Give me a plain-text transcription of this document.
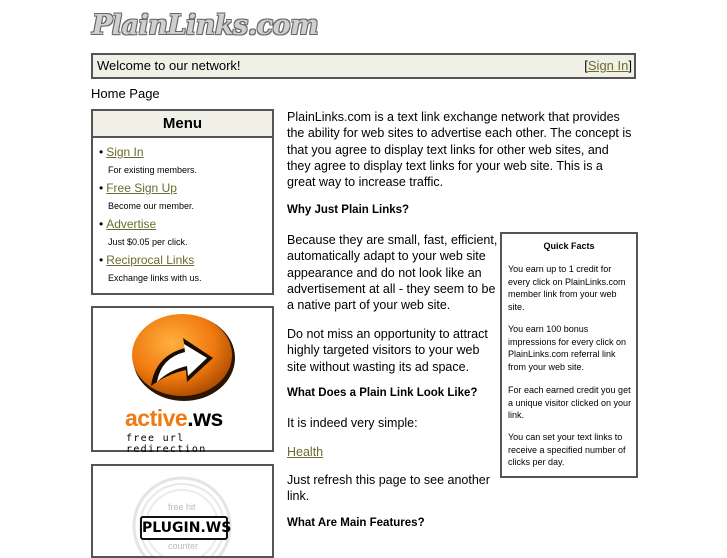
PlainLinks.com
Welcome to our network!	[Sign In]
Home Page
Menu
• Sign In
For existing members.
• Free Sign Up
Become our member.
• Advertise
Just $0.05 per click.
• Reciprocal Links
Exchange links with us.
active.ws
free url redirection
free hit
PLUGIN.WS
counter
PlainLinks.com is a text link exchange network that provides the ability for web sites to advertise each other. The concept is that you agree to display text links for other web sites, and they agree to display text links for your web site. This is a great way to increase traffic.
Why Just Plain Links?
Because they are small, fast, efficient, automatically adapt to your web site appearance and do not look like an advertisement at all - they seem to be a native part of your web site.
Do not miss an opportunity to attract highly targeted visitors to your web site without wasting its ad space.
What Does a Plain Link Look Like?
It is indeed very simple:
Health
Just refresh this page to see another link.
What Are Main Features?
Quick Facts
You earn up to 1 credit for every click on PlainLinks.com member link from your web site.
You earn 100 bonus impressions for every click on PlainLinks.com referral link from your web site.
For each earned credit you get a unique visitor clicked on your link.
You can set your text links to receive a specified number of clicks per day.
